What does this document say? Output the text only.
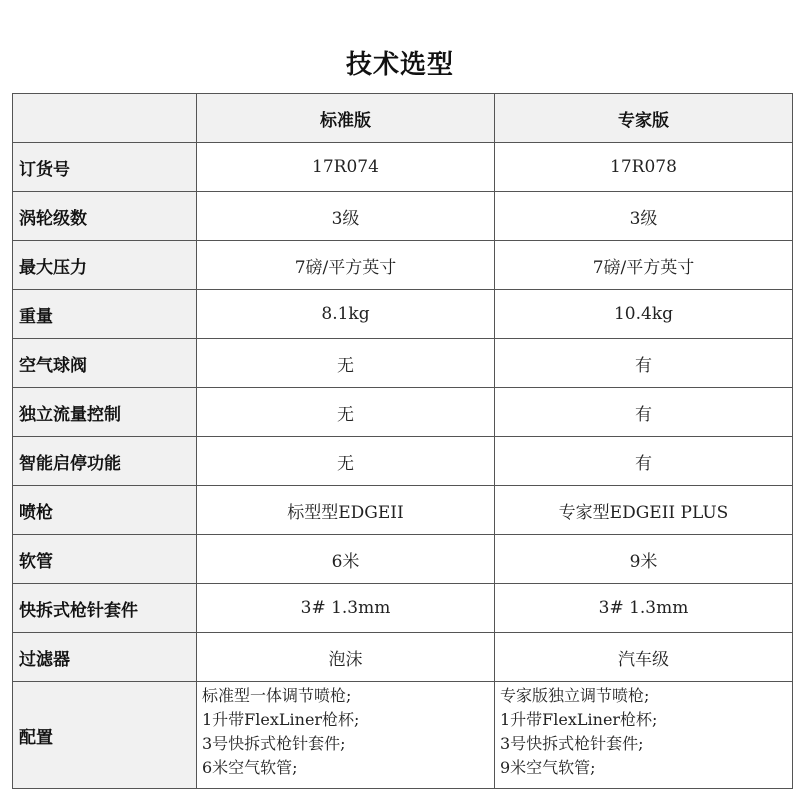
技术选型
	标准版	专家版
订货号	17R074	17R078
涡轮级数	3级	3级
最大压力	7磅/平方英寸	7磅/平方英寸
重量	8.1kg	10.4kg
空气球阀	无	有
独立流量控制	无	有
智能启停功能	无	有
喷枪	标型型EDGEII	专家型EDGEII PLUS
软管	6米	9米
快拆式枪针套件	3# 1.3mm	3# 1.3mm
过滤器	泡沫	汽车级
配置	标准型一体调节喷枪;
1升带FlexLiner枪杯;
3号快拆式枪针套件;
6米空气软管;	专家版独立调节喷枪;
1升带FlexLiner枪杯;
3号快拆式枪针套件;
9米空气软管;
